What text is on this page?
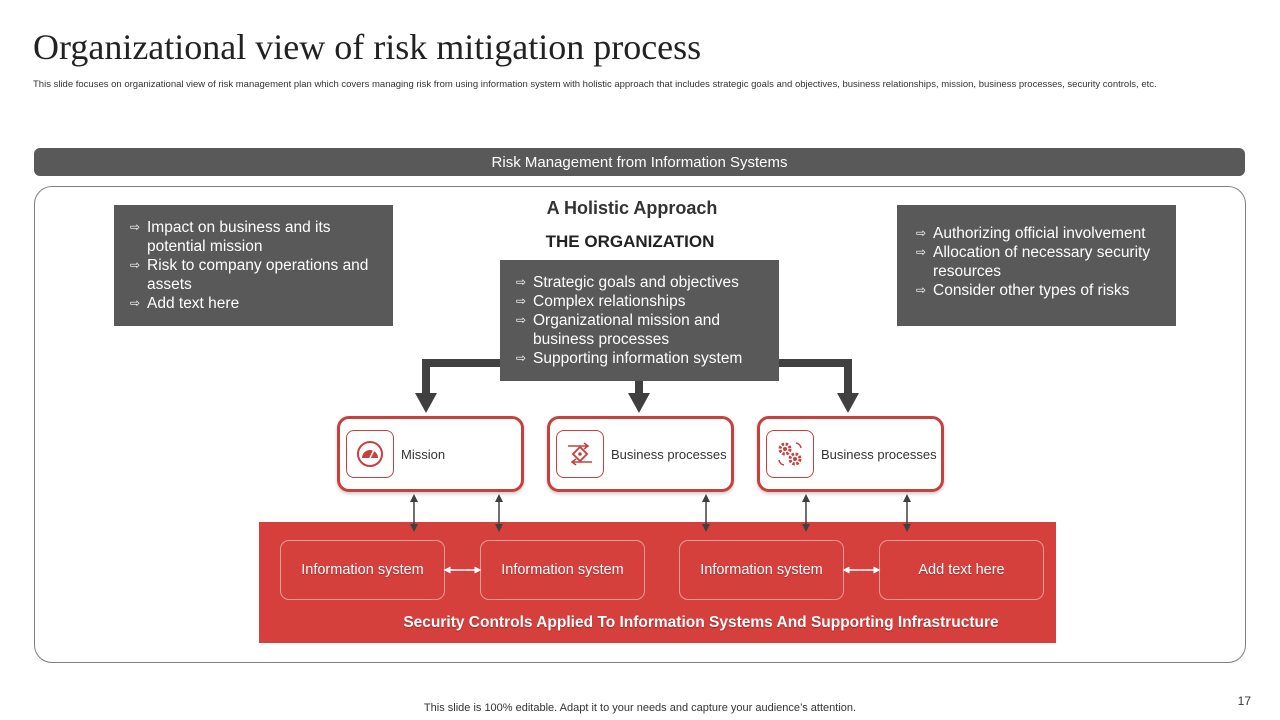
Organizational view of risk mitigation process
This slide focuses on organizational view of risk management plan which covers managing risk from using information system with holistic approach that includes strategic goals and objectives, business relationships, mission, business processes, security controls, etc.
Risk Management from Information Systems
A Holistic Approach
THE ORGANIZATION
⇨ Impact on business and its potential mission
⇨ Risk to company operations and assets
⇨ Add text here
⇨ Authorizing official involvement
⇨ Allocation of necessary security resources
⇨ Consider other types of risks
⇨ Strategic goals and objectives
⇨ Complex relationships
⇨ Organizational mission and business processes
⇨ Supporting information system
Mission	Business processes	Business processes
Information system	Information system	Information system	Add text here
Security Controls Applied To Information Systems And Supporting Infrastructure
This slide is 100% editable. Adapt it to your needs and capture your audience’s attention.	17
